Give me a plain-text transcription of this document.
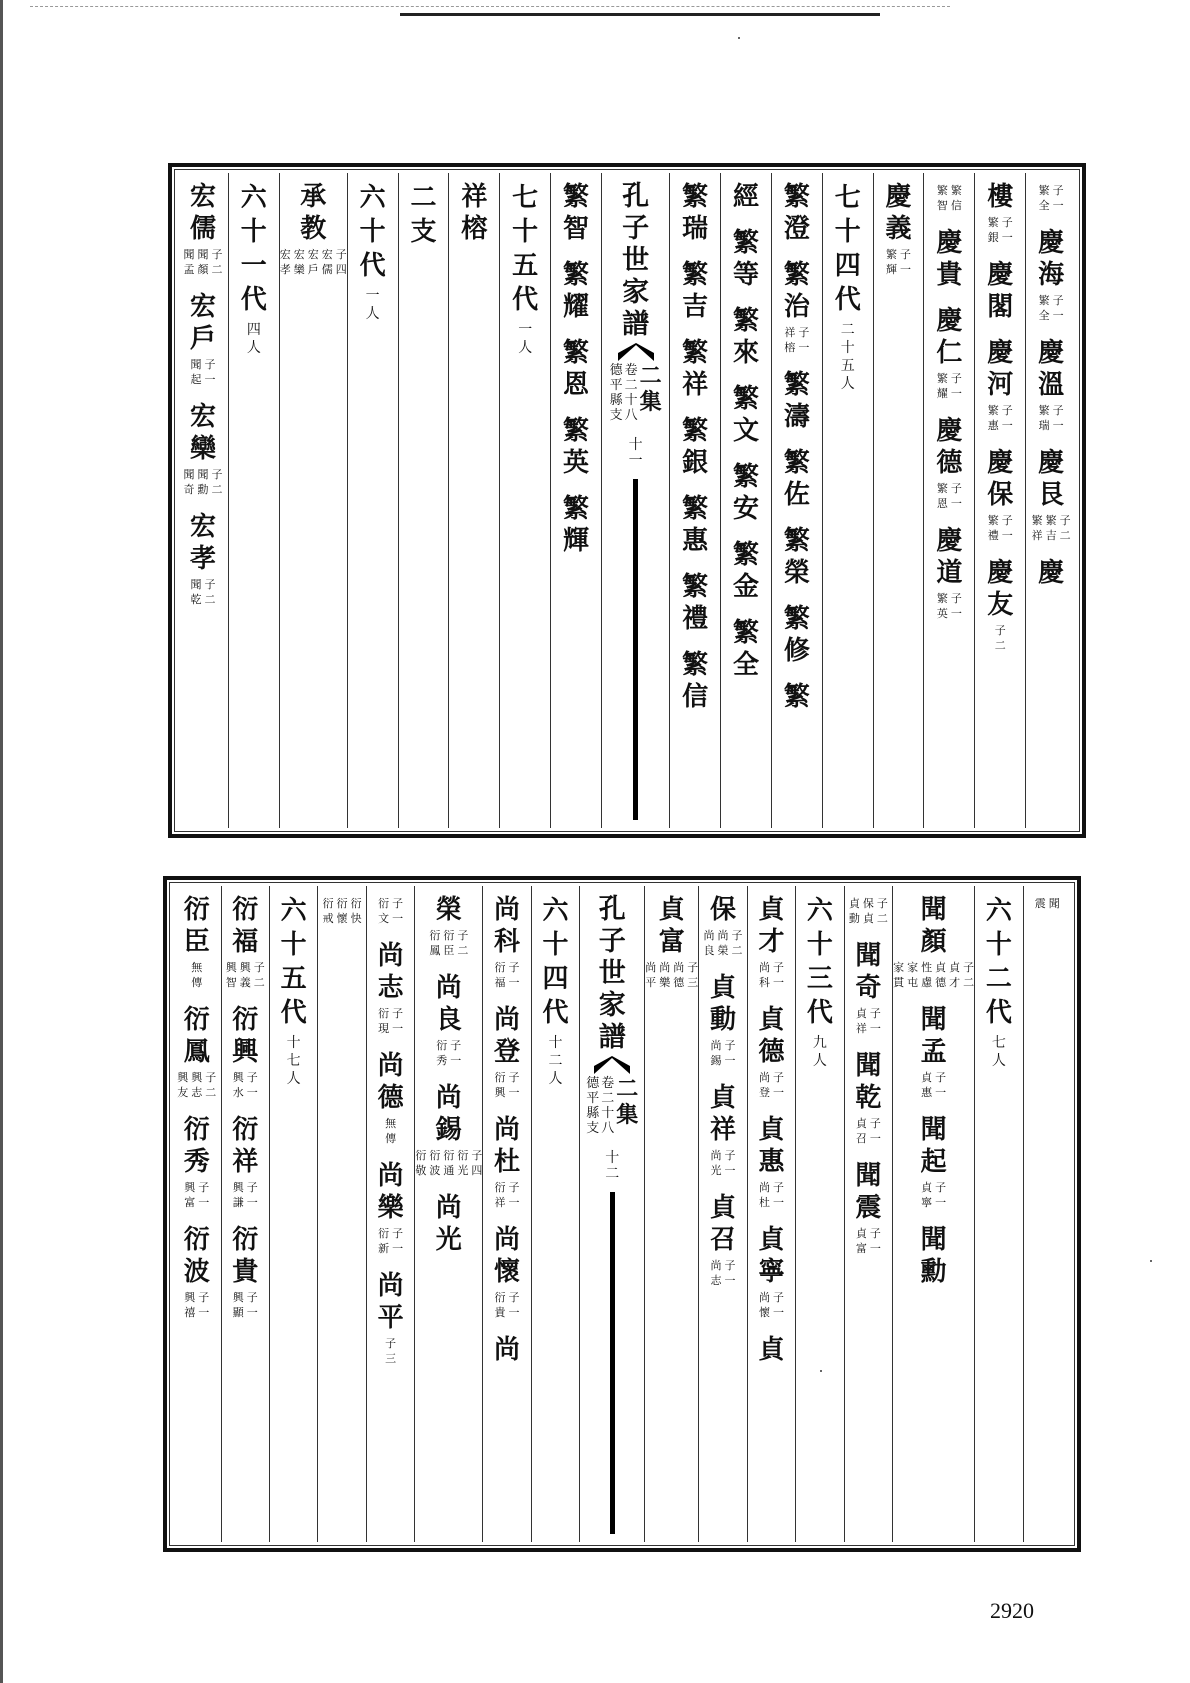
子
一
繁
全
慶
海
子
一
繁
全
慶
溫
子
一
繁
瑞
慶
艮
子
二
繁
吉
繁
祥
慶
樓
子
一
繁
銀
慶
閣
慶
河
子
一
繁
惠
慶
保
子
一
繁
禮
慶
友
子
二
繁
信
繁
智
慶
貴
慶
仁
子
一
繁
耀
慶
德
子
一
繁
恩
慶
道
子
一
繁
英
慶
義
子
一
繁
輝
七
十
四
代
二
十
五
人
繁
澄
繁
治
子
一
祥
榕
繁
濤
繁
佐
繁
榮
繁
修
繁
經
繁
等
繁
來
繁
文
繁
安
繁
金
繁
全
繁
瑞
繁
吉
繁
祥
繁
銀
繁
惠
繁
禮
繁
信
孔
子
世
家
譜
二
集
卷
二
十
八
德
平
縣
支
十
一
繁
智
繁
耀
繁
恩
繁
英
繁
輝
七
十
五
代
一
人
祥
榕
二
支
六
十
代
一
人
承
教
子
四
宏
儒
宏
戶
宏
欒
宏
孝
六
十
一
代
四
人
宏
儒
子
二
聞
顏
聞
孟
宏
戶
子
一
聞
起
宏
欒
子
二
聞
勳
聞
奇
宏
孝
子
二
聞
乾
聞
震
六
十
二
代
七
人
聞
顏
子
二
貞
才
貞
德
性
慮
家
屯
家
貫
聞
孟
子
一
貞
惠
聞
起
子
一
貞
寧
聞
勳
子
二
保
貞
貞
動
聞
奇
子
一
貞
祥
聞
乾
子
一
貞
召
聞
震
子
一
貞
富
六
十
三
代
九
人
貞
才
子
一
尚
科
貞
德
子
一
尚
登
貞
惠
子
一
尚
杜
貞
寧
子
一
尚
懷
貞
保
子
二
尚
榮
尚
良
貞
動
子
一
尚
錫
貞
祥
子
一
尚
光
貞
召
子
一
尚
志
貞
富
子
三
尚
德
尚
樂
尚
平
孔
子
世
家
譜
二
集
卷
二
十
八
德
平
縣
支
十
二
六
十
四
代
十
二
人
尚
科
子
一
衍
福
尚
登
子
一
衍
興
尚
杜
子
一
衍
祥
尚
懷
子
一
衍
貴
尚
榮
子
二
衍
臣
衍
鳳
尚
良
子
一
衍
秀
尚
錫
子
四
衍
光
衍
通
衍
波
衍
敬
尚
光
子
一
衍
文
尚
志
子
一
衍
現
尚
德
無
傳
尚
樂
子
一
衍
新
尚
平
子
三
衍
快
衍
懷
衍
戒
六
十
五
代
十
七
人
衍
福
子
二
興
義
興
智
衍
興
子
一
興
水
衍
祥
子
一
興
謙
衍
貴
子
一
興
顯
衍
臣
無
傳
衍
鳳
子
二
興
志
興
友
衍
秀
子
一
興
富
衍
波
子
一
興
禧
2920
